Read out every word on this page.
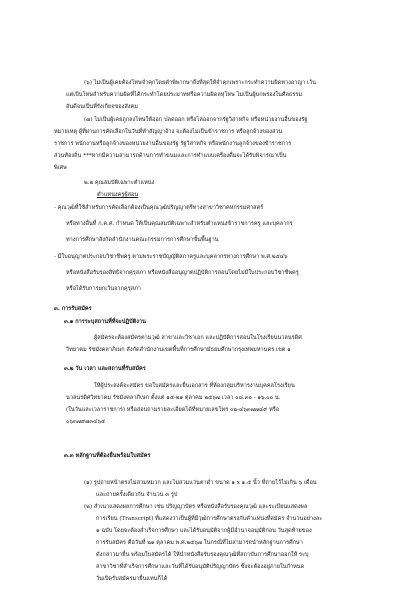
(๖) ไม่เป็นผู้เคยต้องโทษจำคุกโดยคำพิพากษาถึงที่สุดให้จำคุกเพราะกระทำความผิดทางอาญา เว้น
แต่เป็นโทษสำหรับความผิดที่ได้กระทำโดยประมาทหรือความผิดลหุโทษ ไม่เป็นผู้บกพร่องในศีลธรรม
อันดีจนเป็นที่รังเกียจของสังคม
(๗) ไม่เป็นผู้เคยถูกลงโทษให้ออก ปลดออก หรือไล่ออกจากรัฐวิสาหกิจ หรือหน่วยงานอื่นของรัฐ
หมายเหตุ ผู้ที่ผ่านการคัดเลือกในวันที่ทำสัญญาจ้าง จะต้องไม่เป็นข้าราชการ หรือลูกจ้างของส่วน
ราชการ พนักงานหรือลูกจ้างของหน่วยงานอื่นของรัฐ รัฐวิสาหกิจ หรือพนักงานลูกจ้างของข้าราชการ
ส่วนท้องถิ่น ***หากมีความสามารถด้านการทำขนมและการทำแบบเครื่องดื่มจะได้รับพิจารณาเป็น
พิเศษ
๒.๒ คุณสมบัติเฉพาะตำแหน่ง
ตำแหน่งครูผู้สอน
- คุณวุฒิที่ใช้สำหรับการคัดเลือกต้องเป็นคุณวุฒิปริญญาตรีทางสาขาวิชาคหกรรมศาสตร์
หรือทางอื่นที่ ก.ค.ศ. กำหนด ให้เป็นคุณสมบัติเฉพาะสำหรับตำแหน่งข้าราชการครู และบุคลากร
ทางการศึกษาสังกัดสำนักงานคณะกรรมการการศึกษาขั้นพื้นฐาน
- มีใบอนุญาตประกอบวิชาชีพครู ตามพระราชบัญญัติสภาครูและบุคลากรทางการศึกษา พ.ศ.๒๕๔๖
หรือหนังสือรับรองสิทธิจากคุรุสภา หรือหนังสืออนุญาตปฏิบัติการสอนโดยไม่มีใบประกอบวิชาชีพครู
หรือได้รับการยกเว้นจากคุรุสภา
๓. การรับสมัคร
๓.๑ การระบุสถานที่ที่จะปฏิบัติงาน
ผู้สมัครจะต้องสมัครตามวุฒิ สาขาและวิชาเอก และปฏิบัติการสอนในโรงเรียนนวลนรดิศ
วิทยาคม รัชมังคลาภิเษก สังกัดสำนักงานเขตพื้นที่การศึกษามัธยมศึกษากรุงเทพมหานคร เขต ๑
๓.๒ วัน เวลา และสถานที่รับสมัคร
ให้ผู้ประสงค์จะสมัคร ขอใบสมัครและยื่นเอกสาร ที่ห้องกลุ่มบริหารงานบุคคลโรงเรียน
นวลนรดิศวิทยาคม รัชมังคลาภิเษก ตั้งแต่ ๑๕-๒๑ ตุลาคม ๒๕๖๗ เวลา ๐๘.๓๐ - ๑๖.๐๐ น.
(ในวันและเวลาราชการ) หรือสอบถามรายละเอียดได้ที่หมายเลขโทร ๐๒-๔๖๓๗๗๔๙ หรือ
๐๖๓๗๙๗๓๔๖๕
๓.๓ หลักฐานที่ต้องยื่นพร้อมใบสมัคร
(๑) รูปถ่ายหน้าตรงไม่สวมหมวก และไม่สวมแว่นตาดำ ขนาด ๑ x ๑.๕ นิ้ว ที่ถ่ายไว้ไม่เกิน ๖ เดือน
และถ่ายครั้งเดียวกัน จำนวน ๓ รูป
(๒) สำเนาแสดงผลการศึกษา เช่น ปริญญาบัตร หรือหนังสือรับรองคุณวุฒิ และระเบียนแสดงผล
การเรียน (Transcript) ที่แสดงว่าเป็นผู้ที่มีวุฒิการศึกษาตรงกับตำแหน่งที่สมัคร จำนวนอย่างละ
๑ ฉบับ โดยจะต้องสำเร็จการศึกษา และได้รับอนุมัติจากผู้มีอำนาจอนุมัติก่อน วันสุดท้ายของ
การรับสมัคร คือวันที่ ๒๑ ตุลาคม พ.ศ.๒๕๖๗ ในกรณีที่ไม่สามารถนำหลักฐานการศึกษา
ดังกล่าวมายื่น พร้อมใบสมัครได้ ให้นำหนังสือรับรองคุณวุฒิที่สถาบันการศึกษาออกให้ ระบุ
สาขาวิชาที่สำเร็จการศึกษาและวันที่ได้รับอนุมัติปริญญาบัตร ซึ่งจะต้องอยู่ภายในกำหนด
วันเปิดรับสมัครมายื่นแทนก็ได้
